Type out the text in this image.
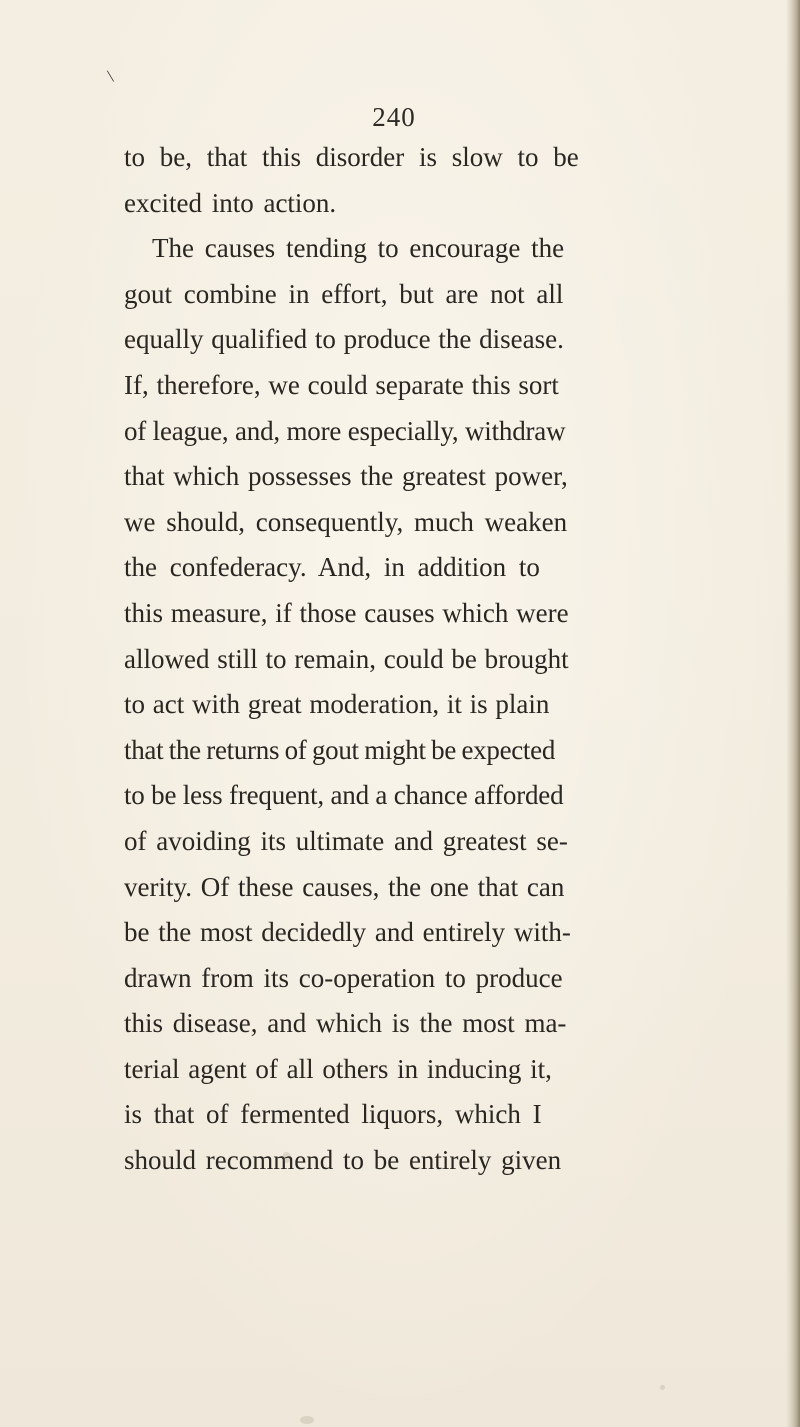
\
240
to be, that this disorder is slow to be
excited into action.
The causes tending to encourage the
gout combine in effort, but are not all
equally qualified to produce the disease.
If, therefore, we could separate this sort
of league, and, more especially, withdraw
that which possesses the greatest power,
we should, consequently, much weaken
the confederacy. And, in addition to
this measure, if those causes which were
allowed still to remain, could be brought
to act with great moderation, it is plain
that the returns of gout might be expected
to be less frequent, and a chance afforded
of avoiding its ultimate and greatest se-
verity. Of these causes, the one that can
be the most decidedly and entirely with-
drawn from its co-operation to produce
this disease, and which is the most ma-
terial agent of all others in inducing it,
is that of fermented liquors, which I
should recommend to be entirely given
